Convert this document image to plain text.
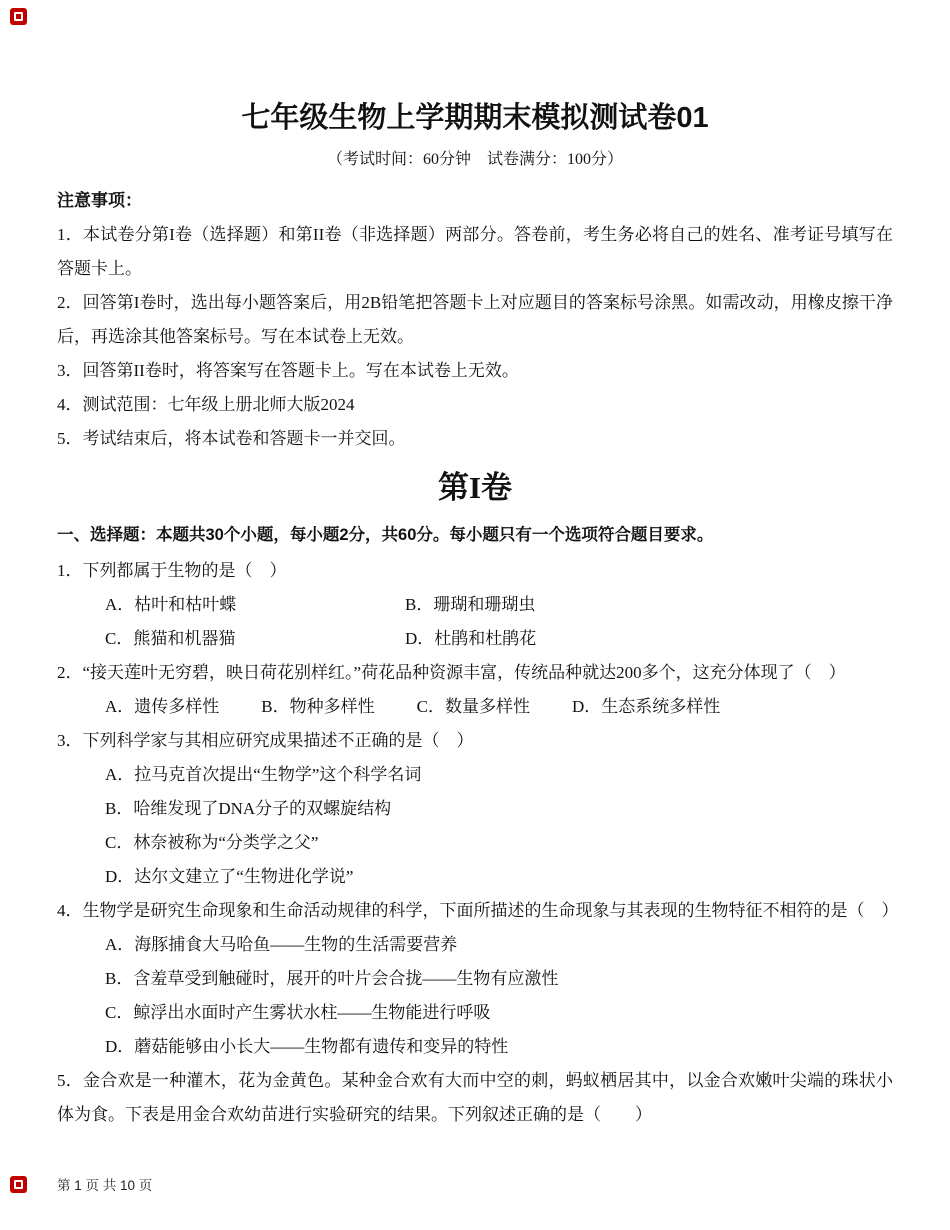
七年级生物上学期期末模拟测试卷01

（考试时间：60分钟　试卷满分：100分）

注意事项：

1．本试卷分第I卷（选择题）和第II卷（非选择题）两部分。答卷前，考生务必将自己的姓名、准考证号填写在答题卡上。

2．回答第I卷时，选出每小题答案后，用2B铅笔把答题卡上对应题目的答案标号涂黑。如需改动，用橡皮擦干净后，再选涂其他答案标号。写在本试卷上无效。

3．回答第II卷时，将答案写在答题卡上。写在本试卷上无效。

4．测试范围：七年级上册北师大版2024

5．考试结束后，将本试卷和答题卡一并交回。

第I卷

一、选择题：本题共30个小题，每小题2分，共60分。每小题只有一个选项符合题目要求。

1．下列都属于生物的是（　）

A．枯叶和枯叶蝶	B．珊瑚和珊瑚虫
C．熊猫和机器猫	D．杜鹃和杜鹃花

2．“接天莲叶无穷碧，映日荷花别样红。”荷花品种资源丰富，传统品种就达200多个，这充分体现了（　）

A．遗传多样性 B．物种多样性 C．数量多样性 D．生态系统多样性

3．下列科学家与其相应研究成果描述不正确的是（　）

A．拉马克首次提出“生物学”这个科学名词
B．哈维发现了DNA分子的双螺旋结构
C．林奈被称为“分类学之父”
D．达尔文建立了“生物进化学说”

4．生物学是研究生命现象和生命活动规律的科学，下面所描述的生命现象与其表现的生物特征不相符的是（　）

A．海豚捕食大马哈鱼——生物的生活需要营养
B．含羞草受到触碰时，展开的叶片会合拢——生物有应激性
C．鲸浮出水面时产生雾状水柱——生物能进行呼吸
D．蘑菇能够由小长大——生物都有遗传和变异的特性

5．金合欢是一种灌木，花为金黄色。某种金合欢有大而中空的刺，蚂蚁栖居其中，以金合欢嫩叶尖端的珠状小体为食。下表是用金合欢幼苗进行实验研究的结果。下列叙述正确的是（　　）

第 1 页 共 10 页
